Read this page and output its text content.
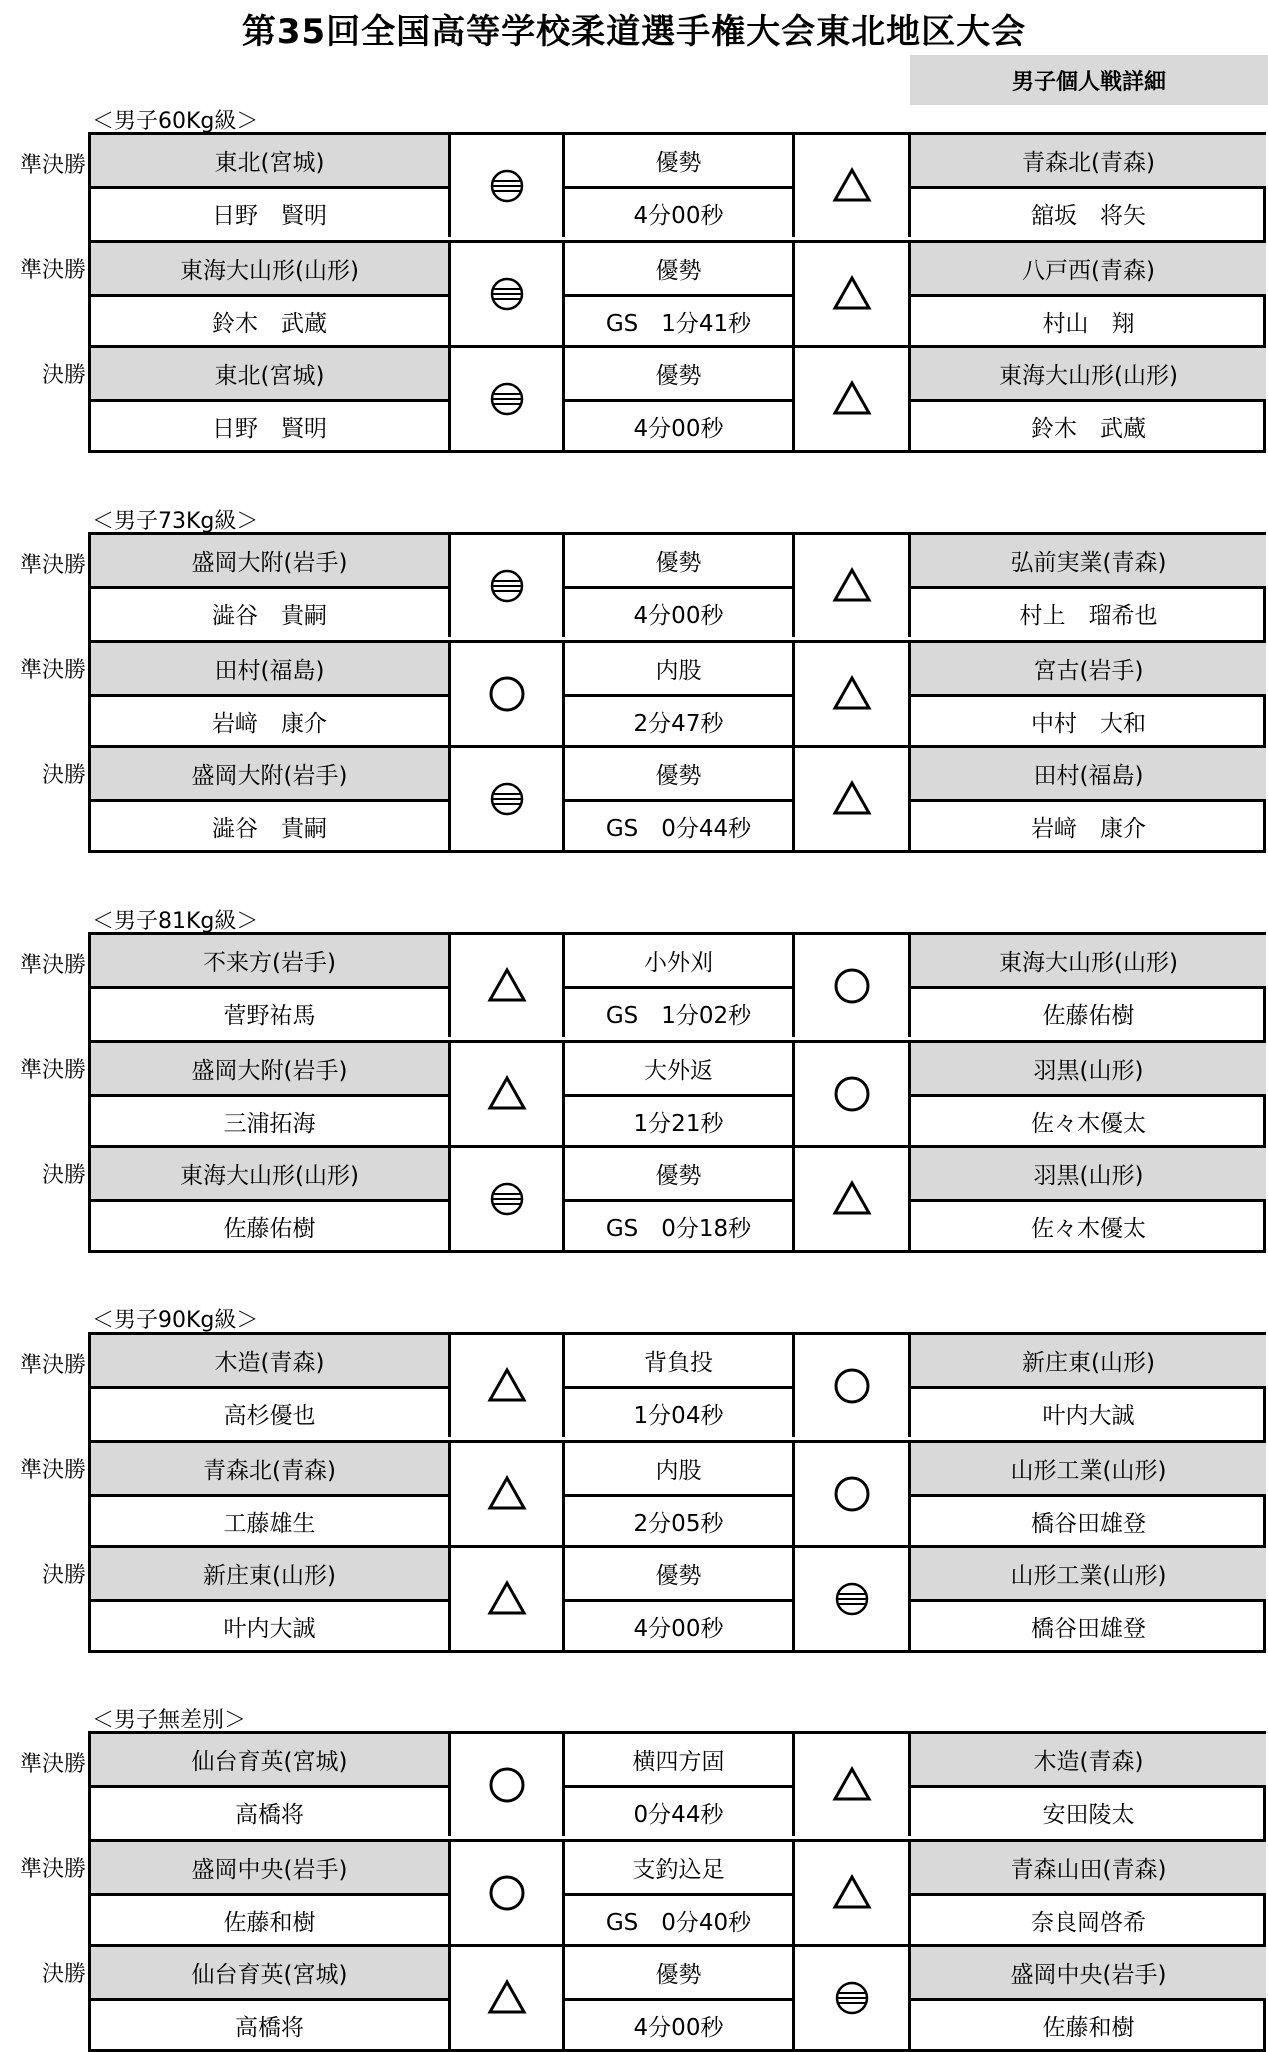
第35回全国高等学校柔道選手権大会東北地区大会
男子個人戦詳細
＜男子60Kg級＞
準決勝
準決勝
決勝
東北(宮城)
日野　賢明
優勢
4分00秒
青森北(青森)
舘坂　将矢
東海大山形(山形)
鈴木　武蔵
優勢
GS　1分41秒
八戸西(青森)
村山　翔
東北(宮城)
日野　賢明
優勢
4分00秒
東海大山形(山形)
鈴木　武蔵
＜男子73Kg級＞
準決勝
準決勝
決勝
盛岡大附(岩手)
澁谷　貴嗣
優勢
4分00秒
弘前実業(青森)
村上　瑠希也
田村(福島)
岩﨑　康介
内股
2分47秒
宮古(岩手)
中村　大和
盛岡大附(岩手)
澁谷　貴嗣
優勢
GS　0分44秒
田村(福島)
岩﨑　康介
＜男子81Kg級＞
準決勝
準決勝
決勝
不来方(岩手)
菅野祐馬
小外刈
GS　1分02秒
東海大山形(山形)
佐藤佑樹
盛岡大附(岩手)
三浦拓海
大外返
1分21秒
羽黒(山形)
佐々木優太
東海大山形(山形)
佐藤佑樹
優勢
GS　0分18秒
羽黒(山形)
佐々木優太
＜男子90Kg級＞
準決勝
準決勝
決勝
木造(青森)
高杉優也
背負投
1分04秒
新庄東(山形)
叶内大誠
青森北(青森)
工藤雄生
内股
2分05秒
山形工業(山形)
橋谷田雄登
新庄東(山形)
叶内大誠
優勢
4分00秒
山形工業(山形)
橋谷田雄登
＜男子無差別＞
準決勝
準決勝
決勝
仙台育英(宮城)
高橋将
横四方固
0分44秒
木造(青森)
安田陵太
盛岡中央(岩手)
佐藤和樹
支釣込足
GS　0分40秒
青森山田(青森)
奈良岡啓希
仙台育英(宮城)
高橋将
優勢
4分00秒
盛岡中央(岩手)
佐藤和樹
